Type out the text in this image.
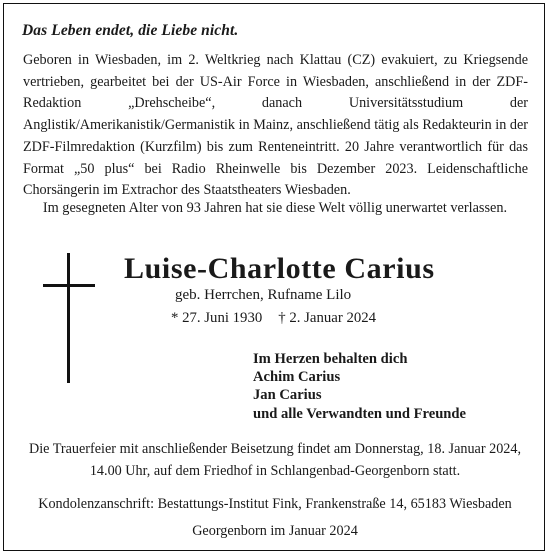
Das Leben endet, die Liebe nicht.

Geboren in Wiesbaden, im 2. Weltkrieg nach Klattau (CZ) evakuiert, zu Kriegsende vertrieben, gearbeitet bei der US-Air Force in Wiesbaden, anschließend in der ZDF-Redaktion „Drehscheibe“, danach Universitätsstudium der Anglistik/Amerikanistik/Germanistik in Mainz, anschließend tätig als Redakteurin in der ZDF-Filmredaktion (Kurzfilm) bis zum Renteneintritt. 20 Jahre verantwortlich für das Format „50 plus“ bei Radio Rheinwelle bis Dezember 2023. Leidenschaftliche Chorsängerin im Extrachor des Staatstheaters Wiesbaden.

Im gesegneten Alter von 93 Jahren hat sie diese Welt völlig unerwartet verlassen.
Luise-Charlotte Carius
geb. Herrchen, Rufname Lilo
* 27. Juni 1930 † 2. Januar 2024
Im Herzen behalten dich
Achim Carius
Jan Carius
und alle Verwandten und Freunde
Die Trauerfeier mit anschließender Beisetzung findet am Donnerstag, 18. Januar 2024,
14.00 Uhr, auf dem Friedhof in Schlangenbad-Georgenborn statt.
Kondolenzanschrift: Bestattungs-Institut Fink, Frankenstraße 14, 65183 Wiesbaden
Georgenborn im Januar 2024
